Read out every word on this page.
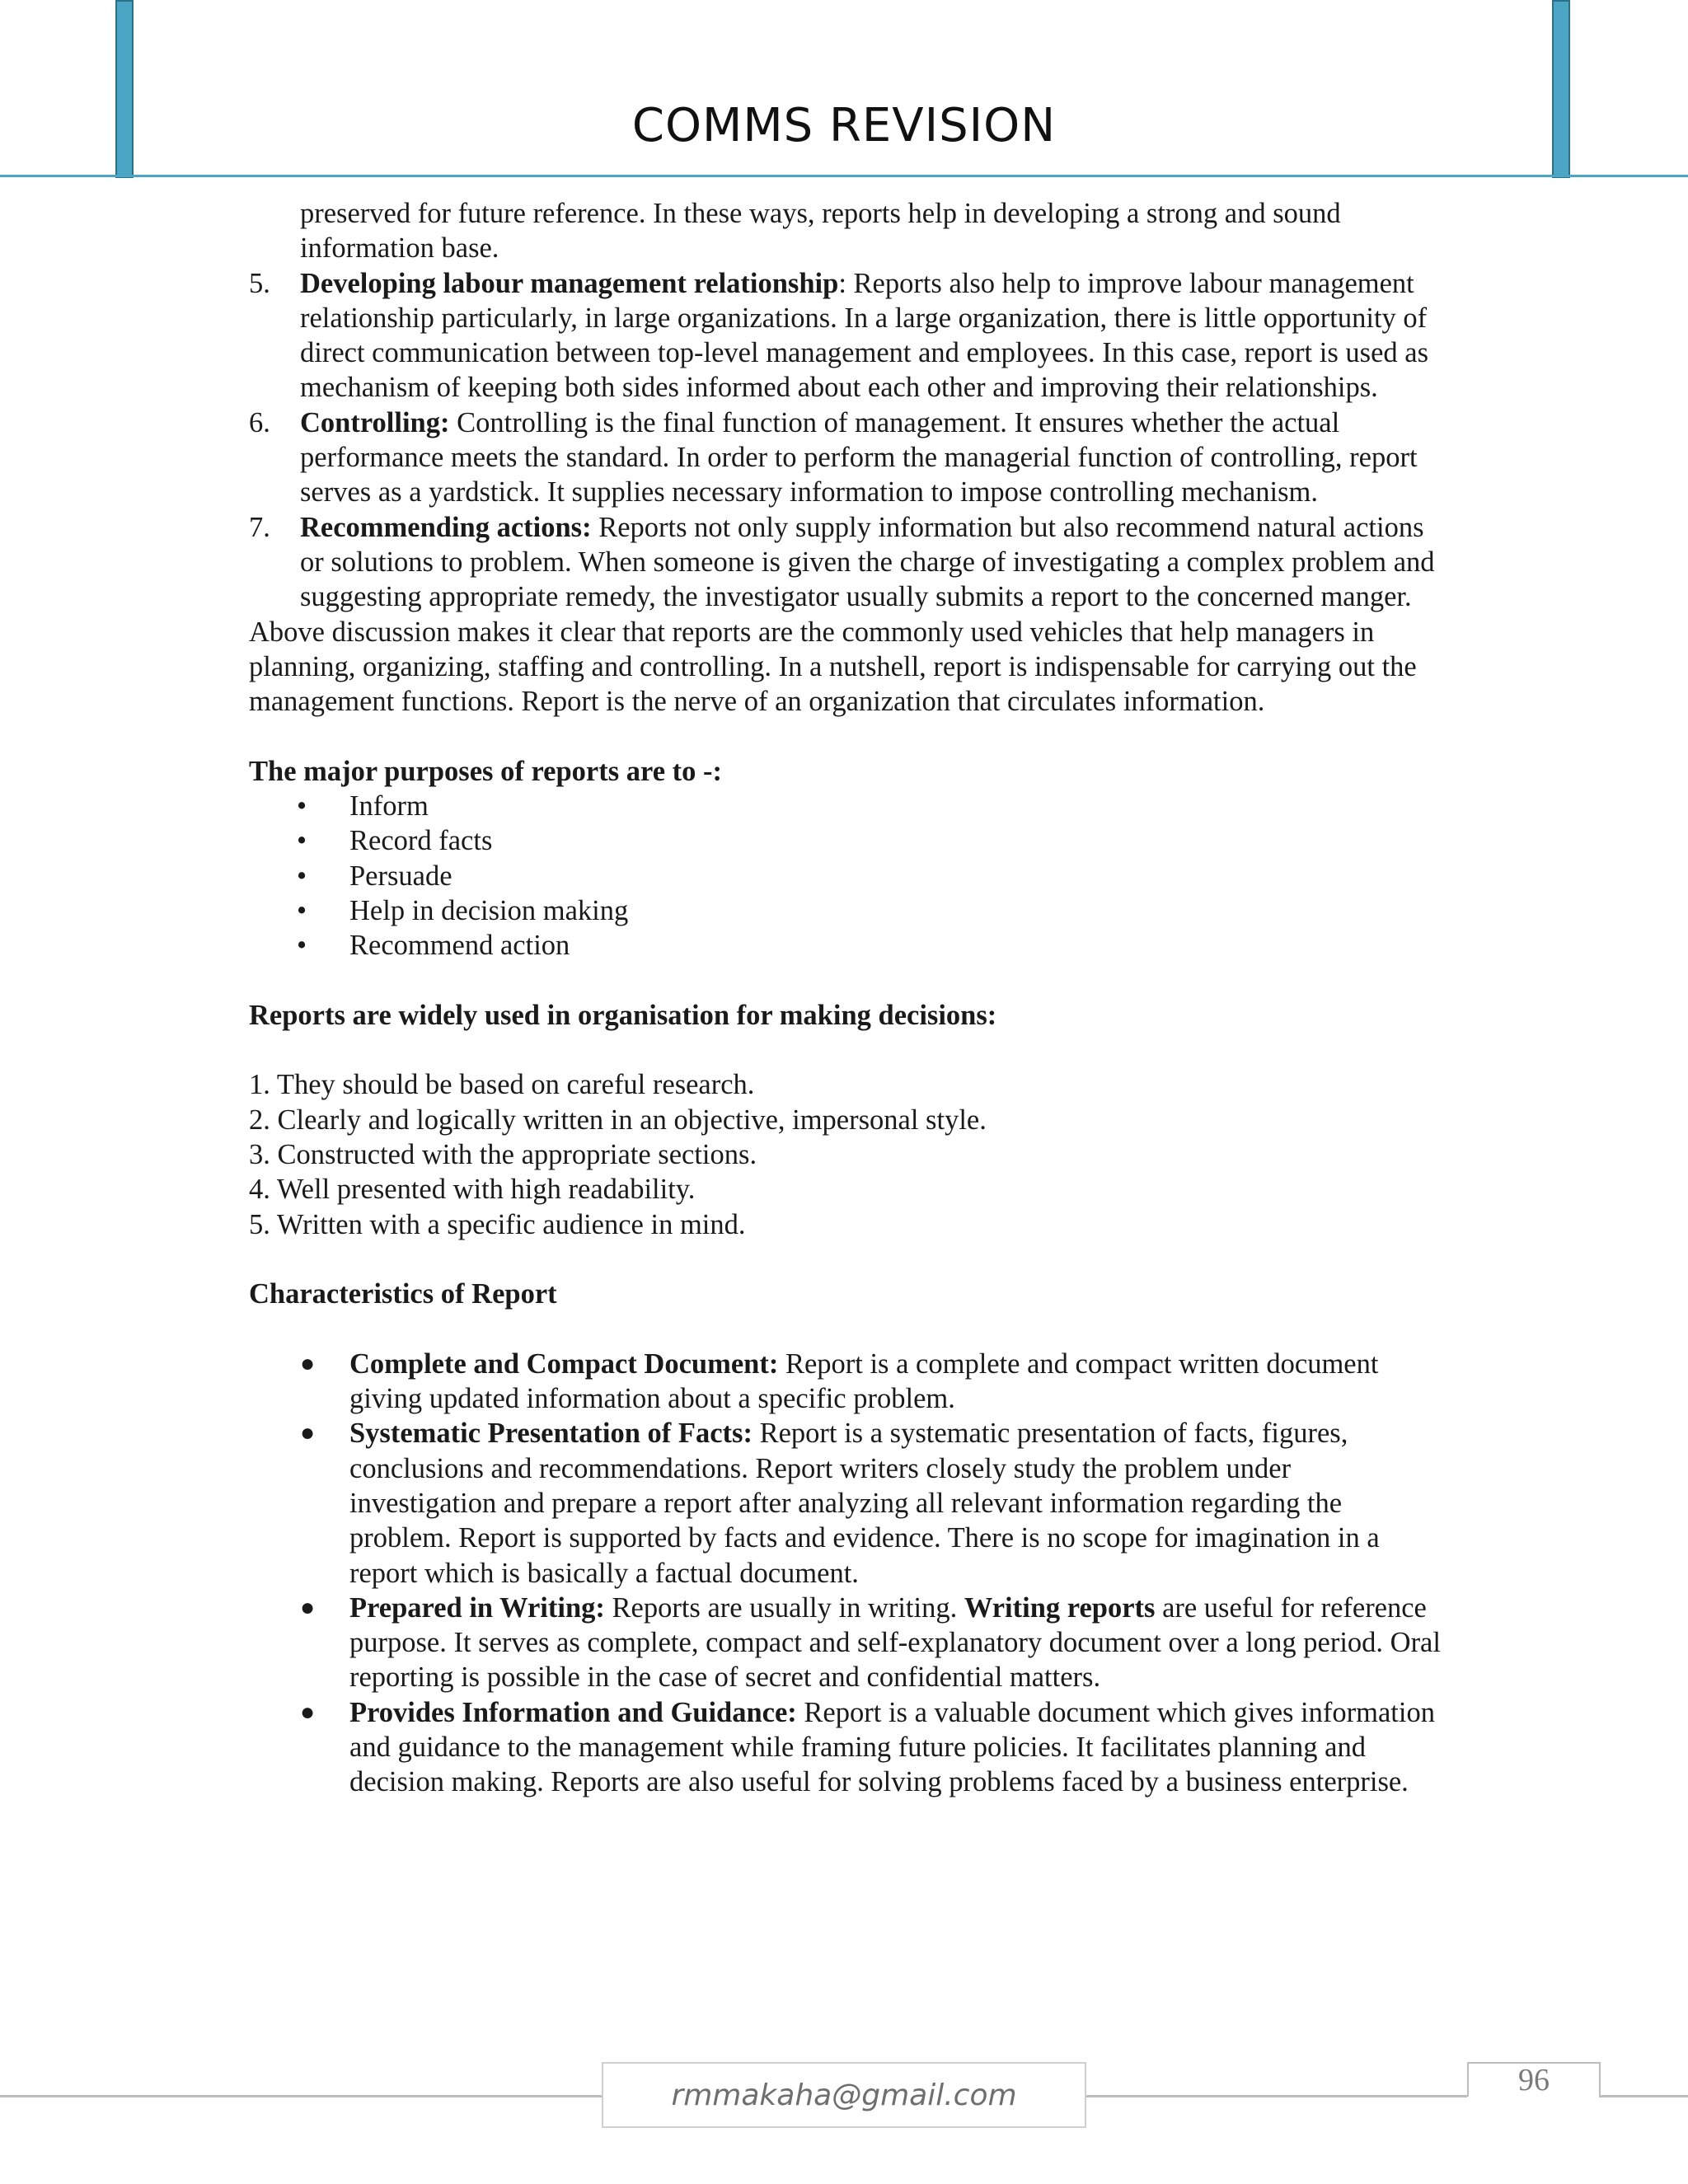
COMMS REVISION
preserved for future reference. In these ways, reports help in developing a strong and sound
information base.
5.	Developing labour management relationship: Reports also help to improve labour management relationship particularly, in large organizations. In a large organization, there is little opportunity of direct communication between top-level management and employees. In this case, report is used as mechanism of keeping both sides informed about each other and improving their relationships.
6.	Controlling: Controlling is the final function of management. It ensures whether the actual performance meets the standard. In order to perform the managerial function of controlling, report serves as a yardstick. It supplies necessary information to impose controlling mechanism.
7.	Recommending actions: Reports not only supply information but also recommend natural actions or solutions to problem. When someone is given the charge of investigating a complex problem and suggesting appropriate remedy, the investigator usually submits a report to the concerned manger.

Above discussion makes it clear that reports are the commonly used vehicles that help managers in planning, organizing, staffing and controlling. In a nutshell, report is indispensable for carrying out the management functions. Report is the nerve of an organization that circulates information.

The major purposes of reports are to -:

•	Inform
•	Record facts
•	Persuade
•	Help in decision making
•	Recommend action

Reports are widely used in organisation for making decisions:

1. They should be based on careful research.

2. Clearly and logically written in an objective, impersonal style.

3. Constructed with the appropriate sections.

4. Well presented with high readability.

5. Written with a specific audience in mind.

Characteristics of Report

●	Complete and Compact Document: Report is a complete and compact written document giving updated information about a specific problem.
●	Systematic Presentation of Facts: Report is a systematic presentation of facts, figures, conclusions and recommendations. Report writers closely study the problem under investigation and prepare a report after analyzing all relevant information regarding the problem. Report is supported by facts and evidence. There is no scope for imagination in a report which is basically a factual document.
●	Prepared in Writing: Reports are usually in writing. Writing reports are useful for reference purpose. It serves as complete, compact and self-explanatory document over a long period. Oral reporting is possible in the case of secret and confidential matters.
●	Provides Information and Guidance: Report is a valuable document which gives information and guidance to the management while framing future policies. It facilitates planning and decision making. Reports are also useful for solving problems faced by a business enterprise.
rmmakaha@gmail.com	96
